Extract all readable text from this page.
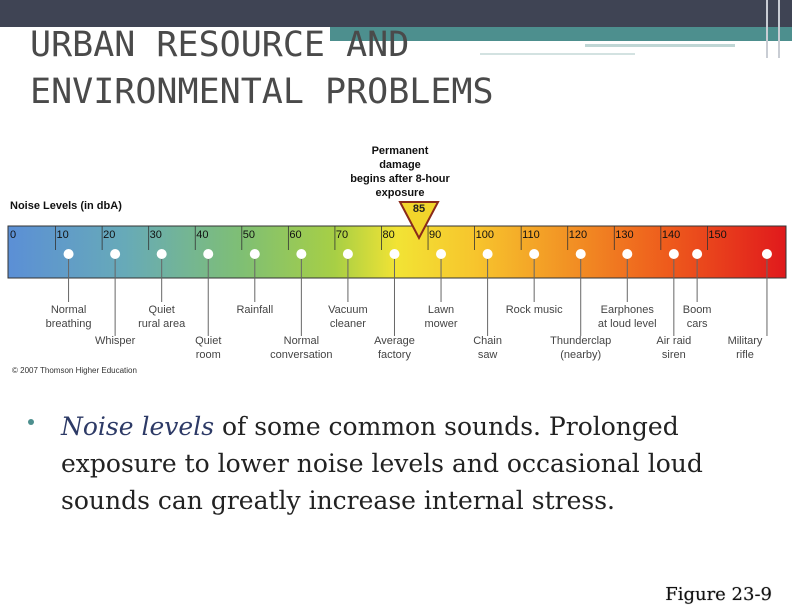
URBAN RESOURCE AND
ENVIRONMENTAL PROBLEMS
Permanent damage
begins after 8-hour
exposure
85
Noise Levels (in dbA)
0	10	20	30	40	50	60	70	80	90	100	110	120	130	140	150
Normal
breathing
Quiet
rural area
Rainfall	Vacuum
cleaner
Lawn
mower
Rock music	Earphones
at loud level
Boom
cars
Whisper	Quiet
room
Normal
conversation
Average
factory
Chain
saw
Thunderclap
(nearby)
Air raid
siren
Military
rifle
© 2007 Thomson Higher Education
Noise levels of some common sounds. Prolonged exposure to lower noise levels and occasional loud sounds can greatly increase internal stress.
Figure 23-9
